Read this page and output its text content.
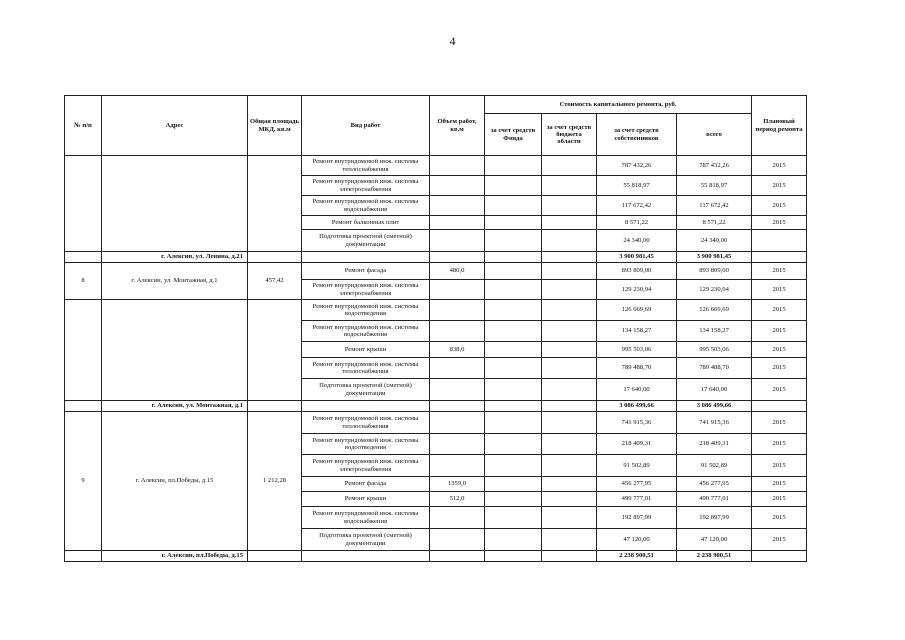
4
№ п/п	Адрес	Общая площадь МКД, кв.м	Вид работ	Объем работ, кв.м	Стоимость капитального ремонта, руб.				Плановый период ремонта
					за счет средств Фонда	за счет средств бюджета области	за счет средств собственников	всего	
			Ремонт внутридомовой инж. системы теплоснабжения				787 432,26	787 432,26	2015
			Ремонт внутридомовой инж. системы электроснабжения				55 818,97	55 818,97	2015
			Ремонт внутридомовой инж. системы водоснабжения				117 672,42	117 672,42	2015
			Ремонт балконных плит				8 571,22	8 571,22	2015
			Подготовка проектной (сметной) документации				24 340,00	24 340,00	
	г. Алексин, ул. Ленина, д.21						3 900 981,45	3 900 981,45	
8	г. Алексин, ул. Монтажная, д.1	457,42	Ремонт фасада	480,0			893 809,00	893 809,00	2015
			Ремонт внутридомовой инж. системы электроснабжения				129 230,94	129 230,94	2015
			Ремонт внутридомовой инж. системы водоотведения				126 669,69	126 669,69	2015
			Ремонт внутридомовой инж. системы водоснабжения				134 158,27	134 158,27	2015
			Ремонт крыши	838,0			995 503,06	995 503,06	2015
			Ремонт внутридомовой инж. системы теплоснабжения				789 488,70	789 488,70	2015
			Подготовка проектной (сметной) документации				17 640,00	17 640,00	2015
	г. Алексин, ул. Монтажная, д.1						3 086 499,66	3 086 499,66	
9	г. Алексин, пл.Победы, д.15	1 212,28	Ремонт внутридомовой инж. системы теплоснабжения				741 915,36	741 915,36	2015
			Ремонт внутридомовой инж. системы водоотведения				218 409,31	218 409,31	2015
			Ремонт внутридомовой инж. системы электроснабжения				91 502,89	91 502,89	2015
			Ремонт фасада	1359,0			456 277,95	456 277,95	2015
			Ремонт крыши	512,0			490 777,01	490 777,01	2015
			Ремонт внутридомовой инж. системы водоснабжения				192 897,99	192 897,99	2015
			Подготовка проектной (сметной) документации				47 120,00	47 120,00	2015
	г. Алексин, пл.Победы, д.15						2 238 900,51	2 238 900,51	
